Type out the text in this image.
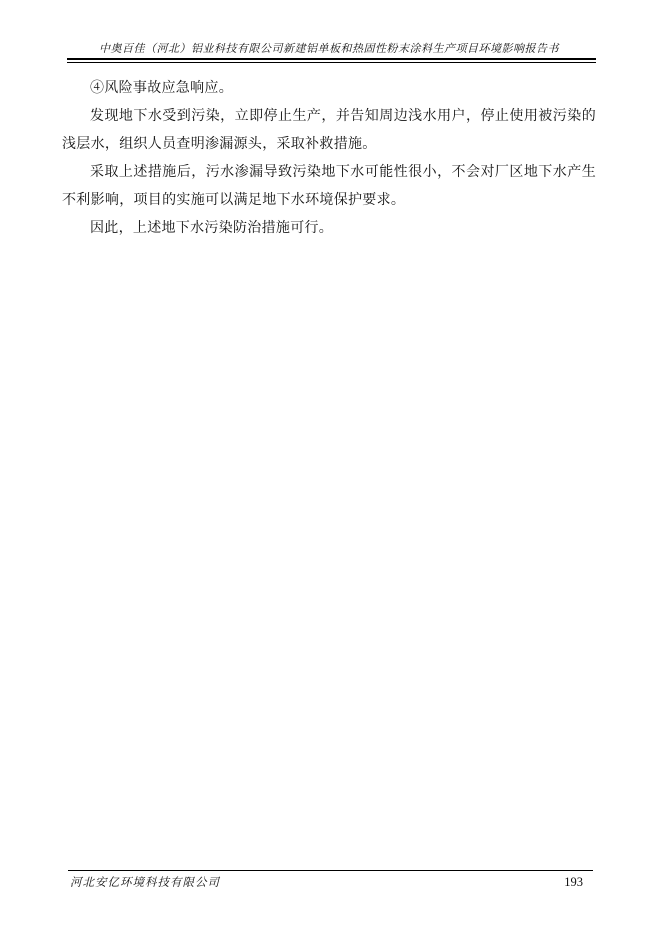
中奥百佳（河北）铝业科技有限公司新建铝单板和热固性粉末涂料生产项目环境影响报告书

④风险事故应急响应。

发现地下水受到污染，立即停止生产，并告知周边浅水用户，停止使用被污染的浅层水，组织人员查明渗漏源头，采取补救措施。

采取上述措施后，污水渗漏导致污染地下水可能性很小，不会对厂区地下水产生不利影响，项目的实施可以满足地下水环境保护要求。

因此，上述地下水污染防治措施可行。

河北安亿环境科技有限公司	193
